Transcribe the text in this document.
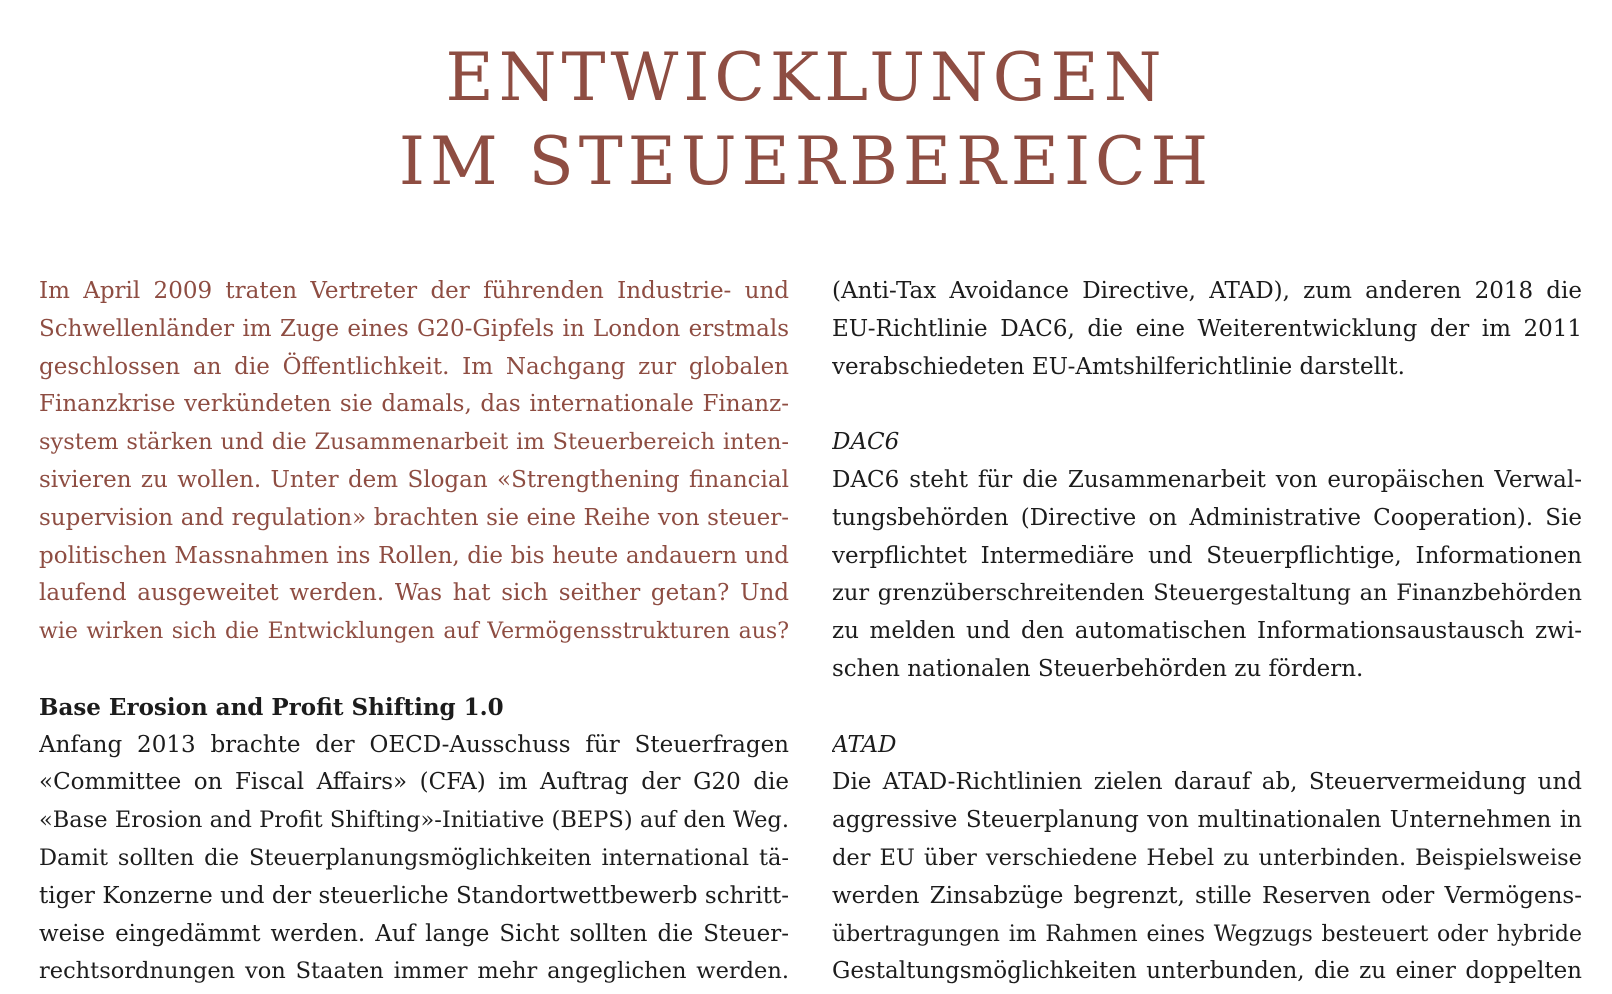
ENTWICKLUNGEN
IM STEUERBEREICH
Im April 2009 traten Vertreter der führenden Industrie- und
Schwellenländer im Zuge eines G20-Gipfels in London erstmals
geschlossen an die Öffentlichkeit. Im Nachgang zur globalen
Finanzkrise verkündeten sie damals, das internationale Finanz-
system stärken und die Zusammenarbeit im Steuerbereich inten-
sivieren zu wollen. Unter dem Slogan «Strengthening financial
supervision and regulation» brachten sie eine Reihe von steuer-
politischen Massnahmen ins Rollen, die bis heute andauern und
laufend ausgeweitet werden. Was hat sich seither getan? Und
wie wirken sich die Entwicklungen auf Vermögensstrukturen aus?
Base Erosion and Profit Shifting 1.0
Anfang 2013 brachte der OECD-Ausschuss für Steuerfragen
«Committee on Fiscal Affairs» (CFA) im Auftrag der G20 die
«Base Erosion and Profit Shifting»-Initiative (BEPS) auf den Weg.
Damit sollten die Steuerplanungsmöglichkeiten international tä-
tiger Konzerne und der steuerliche Standortwettbewerb schritt-
weise eingedämmt werden. Auf lange Sicht sollten die Steuer-
rechtsordnungen von Staaten immer mehr angeglichen werden.
(Anti-Tax Avoidance Directive, ATAD), zum anderen 2018 die
EU-Richtlinie DAC6, die eine Weiterentwicklung der im 2011
verabschiedeten EU-Amtshilferichtlinie darstellt.
DAC6
DAC6 steht für die Zusammenarbeit von europäischen Verwal-
tungsbehörden (Directive on Administrative Cooperation). Sie
verpflichtet Intermediäre und Steuerpflichtige, Informationen
zur grenzüberschreitenden Steuergestaltung an Finanzbehörden
zu melden und den automatischen Informationsaustausch zwi-
schen nationalen Steuerbehörden zu fördern.
ATAD
Die ATAD-Richtlinien zielen darauf ab, Steuervermeidung und
aggressive Steuerplanung von multinationalen Unternehmen in
der EU über verschiedene Hebel zu unterbinden. Beispielsweise
werden Zinsabzüge begrenzt, stille Reserven oder Vermögens-
übertragungen im Rahmen eines Wegzugs besteuert oder hybride
Gestaltungsmöglichkeiten unterbunden, die zu einer doppelten
